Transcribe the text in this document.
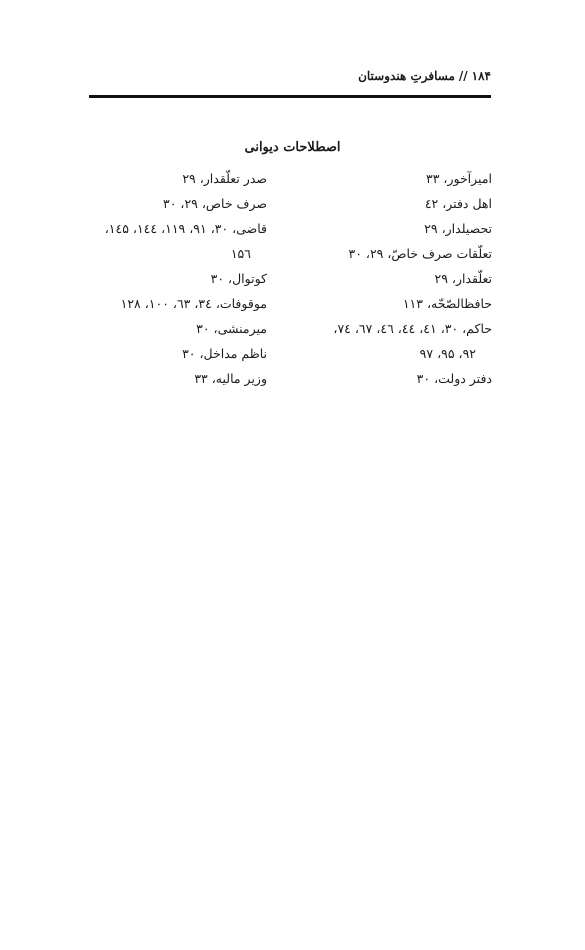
۱۸۴//مسافرتِ هندوستان
اصطلاحات دیوانی
امیرآخور، ۳۳
اهل دفتر، ٤۲
تحصیلدار، ۲۹
تعلّقات صرف خاصّ، ۲۹، ۳۰
تعلّقدار، ۲۹
حافظالصّحّه، ۱۱۳
حاکم، ۳۰، ٤۱، ٤٤، ٤٦، ٦۷، ۷٤،
۹۲، ۹۵، ۹۷
دفتر دولت، ۳۰
صدر تعلّقدار، ۲۹
صرف خاص، ۲۹، ۳۰
قاضی، ۳۰، ۹۱، ۱۱۹، ۱٤٤، ۱٤۵،
۱۵٦
کوتوال، ۳۰
موقوفات، ۳٤، ٦۳، ۱۰۰، ۱۲۸
میرمنشی، ۳۰
ناظم مداخل، ۳۰
وزیر مالیه، ۳۳
